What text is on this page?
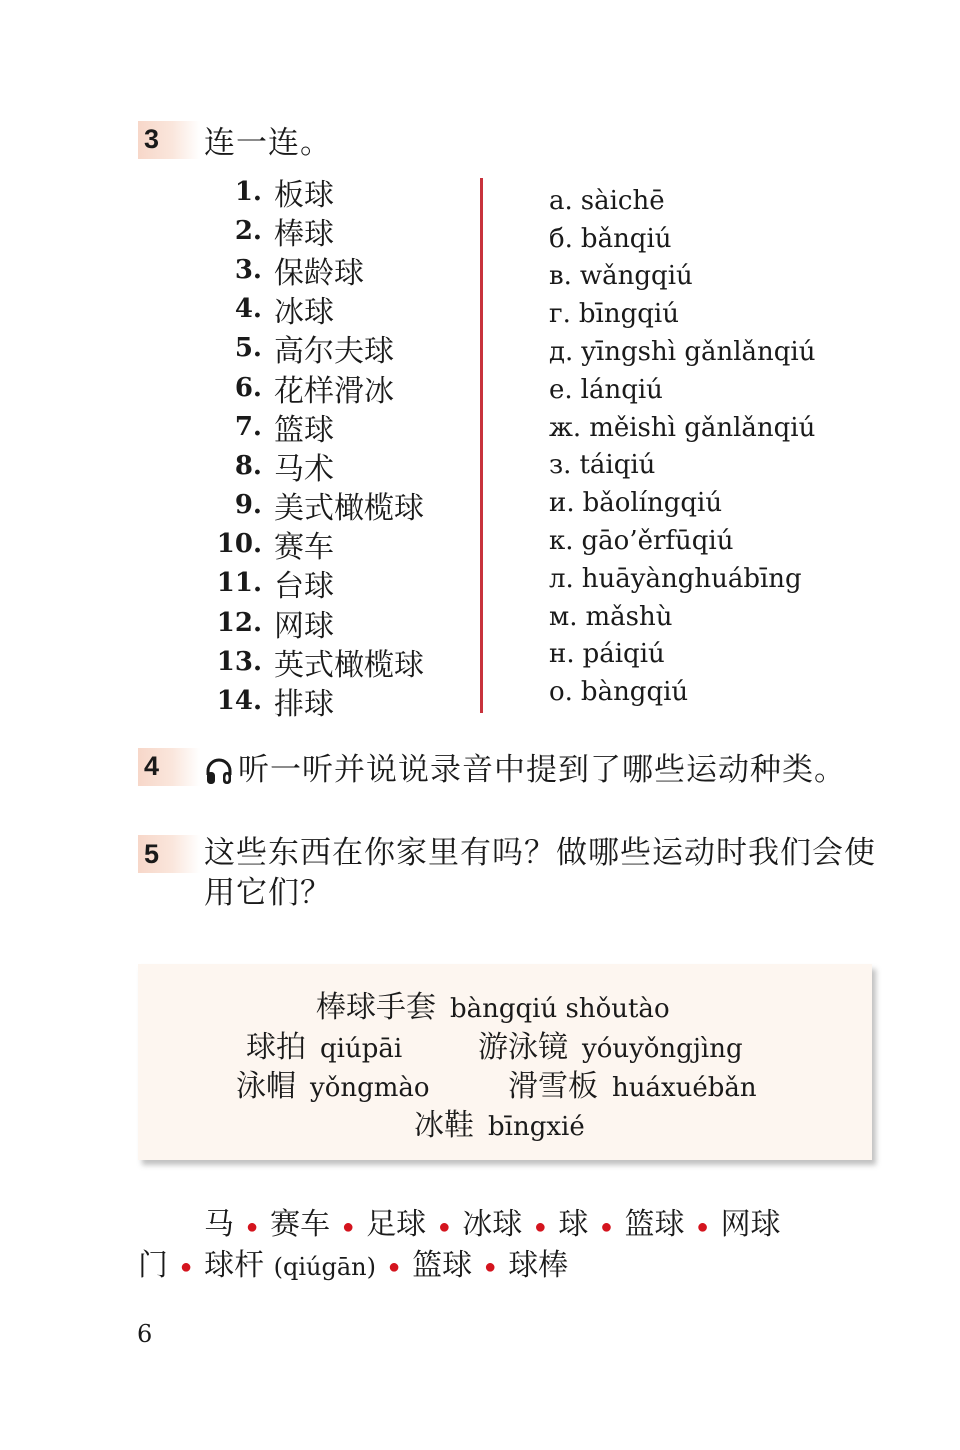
3	连一连。
1. 板球
2. 棒球
3. 保龄球
4. 冰球
5. 高尔夫球
6. 花样滑冰
7. 篮球
8. 马术
9. 美式橄榄球
10. 赛车
11. 台球
12. 网球
13. 英式橄榄球
14. 排球
а. sàichē
б. bǎnqiú
в. wǎngqiú
г. bīngqiú
д. yīngshì gǎnlǎnqiú
е. lánqiú
ж. měishì gǎnlǎnqiú
з. táiqiú
и. bǎolíngqiú
к. gāo’ěrfūqiú
л. huāyànghuábīng
м. mǎshù
н. páiqiú
о. bàngqiú
4	听一听并说说录音中提到了哪些运动种类。
5	这些东西在你家里有吗？做哪些运动时我们会使用它们？
棒球手套 bàngqiú shǒutào
球拍 qiúpāi	游泳镜 yóuyǒngjìng
泳帽 yǒngmào	滑雪板 huáxuébǎn
冰鞋 bīngxié
马 ● 赛车 ● 足球 ● 冰球 ● 球 ● 篮球 ● 网球
门 ● 球杆 (qiúgān) ● 篮球 ● 球棒
6
